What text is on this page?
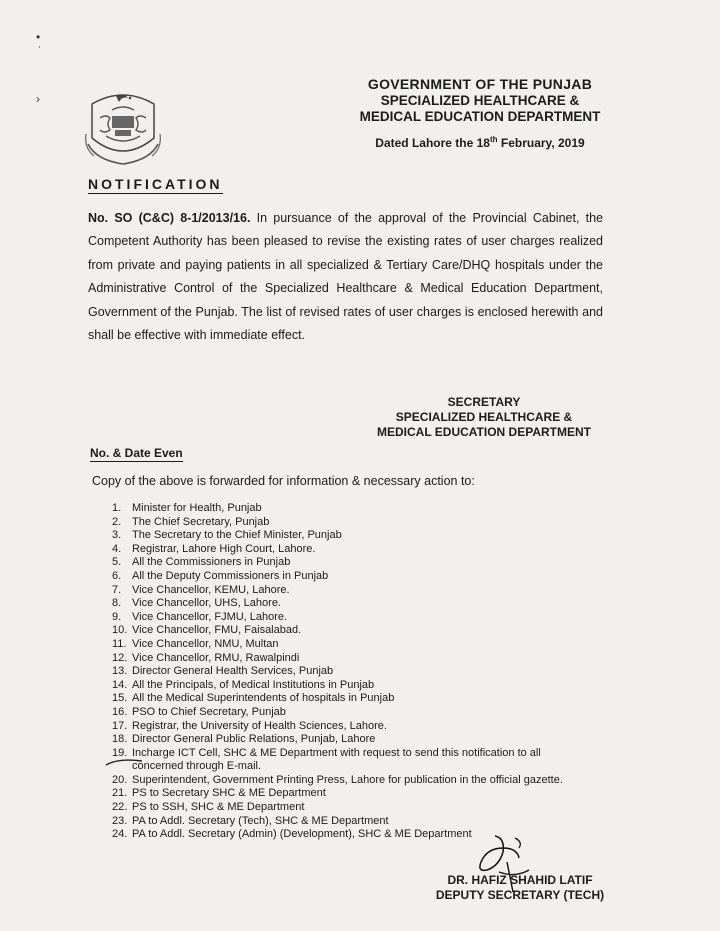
•
˙
›
GOVERNMENT OF THE PUNJAB
SPECIALIZED HEALTHCARE &
MEDICAL EDUCATION DEPARTMENT
Dated Lahore the 18th February, 2019
NOTIFICATION
No. SO (C&C) 8-1/2013/16. In pursuance of the approval of the Provincial Cabinet, the Competent Authority has been pleased to revise the existing rates of user charges realized from private and paying patients in all specialized & Tertiary Care/DHQ hospitals under the Administrative Control of the Specialized Healthcare & Medical Education Department, Government of the Punjab. The list of revised rates of user charges is enclosed herewith and shall be effective with immediate effect.
SECRETARY
SPECIALIZED HEALTHCARE &
MEDICAL EDUCATION DEPARTMENT
No. & Date Even
Copy of the above is forwarded for information & necessary action to:
1. Minister for Health, Punjab
2. The Chief Secretary, Punjab
3. The Secretary to the Chief Minister, Punjab
4. Registrar, Lahore High Court, Lahore.
5. All the Commissioners in Punjab
6. All the Deputy Commissioners in Punjab
7. Vice Chancellor, KEMU, Lahore.
8. Vice Chancellor, UHS, Lahore.
9. Vice Chancellor, FJMU, Lahore.
10. Vice Chancellor, FMU, Faisalabad.
11. Vice Chancellor, NMU, Multan
12. Vice Chancellor, RMU, Rawalpindi
13. Director General Health Services, Punjab
14. All the Principals, of Medical Institutions in Punjab
15. All the Medical Superintendents of hospitals in Punjab
16. PSO to Chief Secretary, Punjab
17. Registrar, the University of Health Sciences, Lahore.
18. Director General Public Relations, Punjab, Lahore
19. Incharge ICT Cell, SHC & ME Department with request to send this notification to all
concerned through E-mail.
20. Superintendent, Government Printing Press, Lahore for publication in the official gazette.
21. PS to Secretary SHC & ME Department
22. PS to SSH, SHC & ME Department
23. PA to Addl. Secretary (Tech), SHC & ME Department
24. PA to Addl. Secretary (Admin) (Development), SHC & ME Department
DR. HAFIZ SHAHID LATIF
DEPUTY SECRETARY (TECH)
